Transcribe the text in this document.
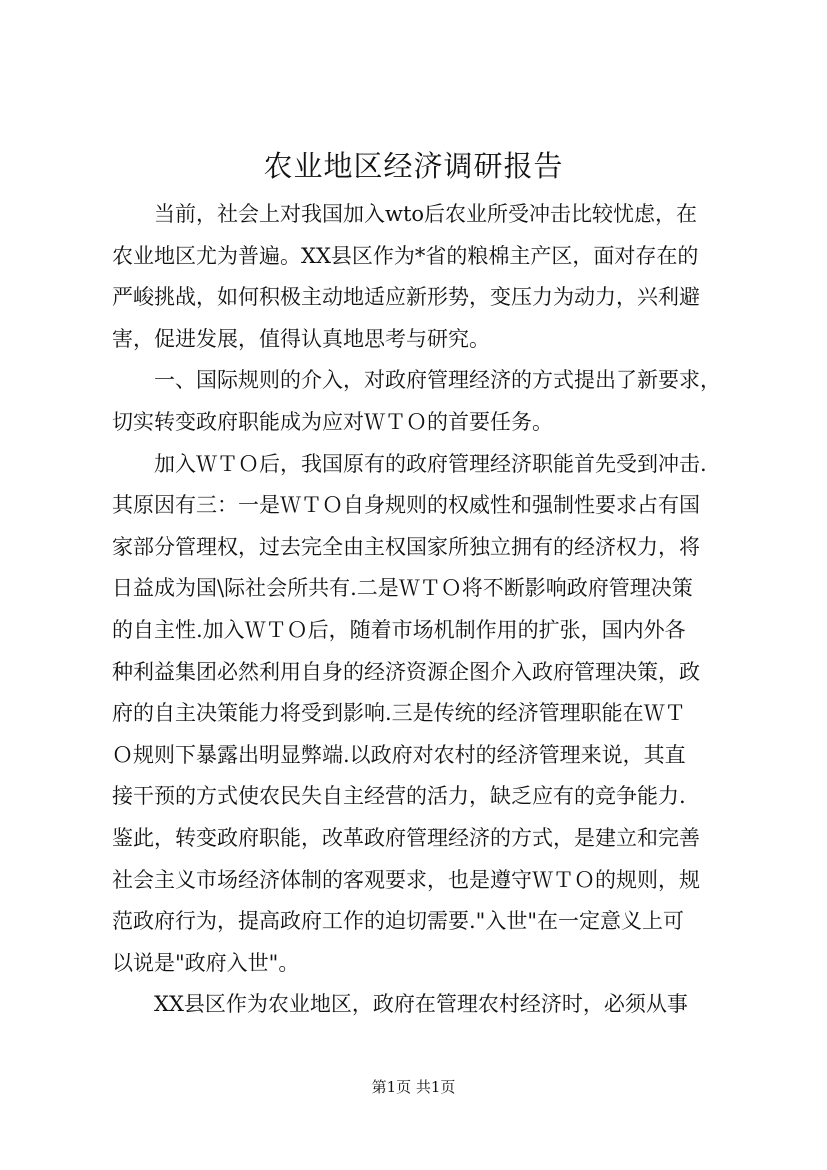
农业地区经济调研报告
　　当前，社会上对我国加入wto后农业所受冲击比较忧虑，在
农业地区尤为普遍。XX县区作为*省的粮棉主产区，面对存在的
严峻挑战，如何积极主动地适应新形势，变压力为动力，兴利避
害，促进发展，值得认真地思考与研究。
　　一、国际规则的介入，对政府管理经济的方式提出了新要求，
切实转变政府职能成为应对ＷＴＯ的首要任务。
　　加入ＷＴＯ后，我国原有的政府管理经济职能首先受到冲击.
其原因有三：一是ＷＴＯ自身规则的权威性和强制性要求占有国
家部分管理权，过去完全由主权国家所独立拥有的经济权力，将
日益成为国\际社会所共有.二是ＷＴＯ将不断影响政府管理决策
的自主性.加入ＷＴＯ后，随着市场机制作用的扩张，国内外各
种利益集团必然利用自身的经济资源企图介入政府管理决策，政
府的自主决策能力将受到影响.三是传统的经济管理职能在ＷＴ
Ｏ规则下暴露出明显弊端.以政府对农村的经济管理来说，其直
接干预的方式使农民失自主经营的活力，缺乏应有的竞争能力.
鉴此，转变政府职能，改革政府管理经济的方式，是建立和完善
社会主义市场经济体制的客观要求，也是遵守ＷＴＯ的规则，规
范政府行为，提高政府工作的迫切需要."入世"在一定意义上可
以说是"政府入世"。
　　XX县区作为农业地区，政府在管理农村经济时，必须从事
第1页 共1页
